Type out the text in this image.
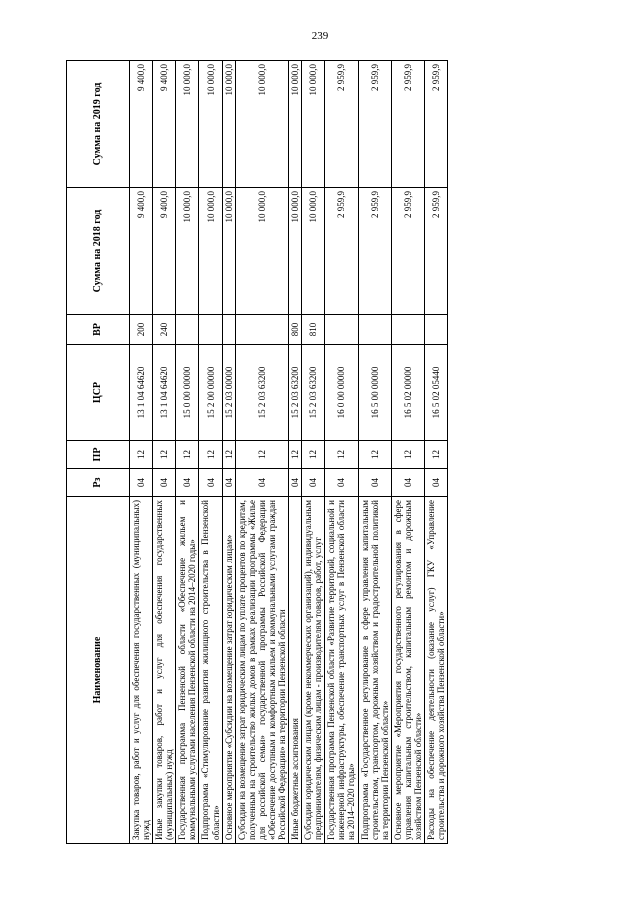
239
Наименование	Рз	ПР	ЦСР	ВР	Сумма на 2018 год	Сумма на 2019 год
Закупка товаров, работ и услуг для обеспечения государственных (муниципальных) нужд	04	12	13 1 04 64620	200	9 400,0	9 400,0
Иные закупки товаров, работ и услуг для обеспечения государственных (муниципальных) нужд	04	12	13 1 04 64620	240	9 400,0	9 400,0
Государственная программа Пензенской области «Обеспечение жильем и коммунальными услугами населения Пензенской области на 2014–2020 годы»	04	12	15 0 00 00000		10 000,0	10 000,0
Подпрограмма «Стимулирование развития жилищного строительства в Пензенской области»	04	12	15 2 00 00000		10 000,0	10 000,0
Основное мероприятие «Субсидии на возмещение затрат юридическим лицам»	04	12	15 2 03 00000		10 000,0	10 000,0
Субсидии на возмещение затрат юридическим лицам по уплате процентов по кредитам, полученным на строительство жилых домов в рамках реализации программы «Жилье для российской семьи» государственной программы Российской Федерации «Обеспечение доступным и комфортным жильем и коммунальными услугами граждан Российской Федерации» на территории Пензенской области	04	12	15 2 03 63200		10 000,0	10 000,0
Иные бюджетные ассигнования	04	12	15 2 03 63200	800	10 000,0	10 000,0
Субсидии юридическим лицам (кроме некоммерческих организаций), индивидуальным предпринимателям, физическим лицам - производителям товаров, работ, услуг	04	12	15 2 03 63200	810	10 000,0	10 000,0
Государственная программа Пензенской области «Развитие территорий, социальной и инженерной инфраструктуры, обеспечение транспортных услуг в Пензенской области на 2014–2020 годы»	04	12	16 0 00 00000		2 959,9	2 959,9
Подпрограмма «Государственное регулирование в сфере управления капитальным строительством, транспортом, дорожным хозяйством и градостроительной политикой на территории Пензенской области»	04	12	16 5 00 00000		2 959,9	2 959,9
Основное мероприятие «Мероприятия государственного регулирования в сфере управления капитальным строительством, капитальным ремонтом и дорожным хозяйством Пензенской области»	04	12	16 5 02 00000		2 959,9	2 959,9
Расходы на обеспечение деятельности (оказание услуг) ГКУ «Управление строительства и дорожного хозяйства Пензенской области»	04	12	16 5 02 05440		2 959,9	2 959,9
